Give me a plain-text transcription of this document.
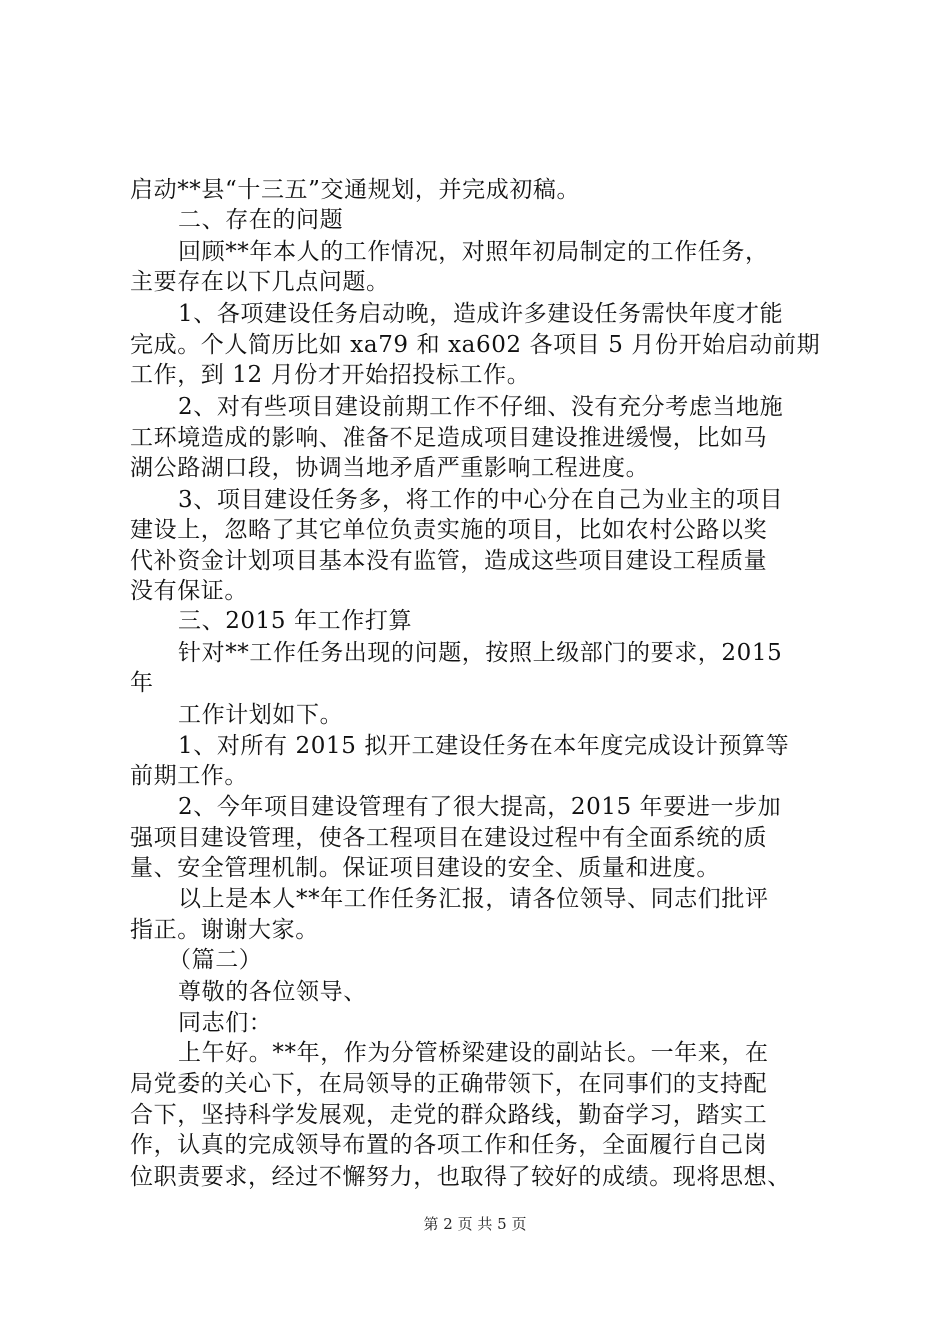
启动**县“十三五”交通规划，并完成初稿。
二、存在的问题
回顾**年本人的工作情况，对照年初局制定的工作任务，
主要存在以下几点问题。
1、各项建设任务启动晚，造成许多建设任务需快年度才能
完成。个人简历比如 xa79 和 xa602 各项目 5 月份开始启动前期
工作，到 12 月份才开始招投标工作。
2、对有些项目建设前期工作不仔细、没有充分考虑当地施
工环境造成的影响、准备不足造成项目建设推进缓慢，比如马
湖公路湖口段，协调当地矛盾严重影响工程进度。
3、项目建设任务多，将工作的中心分在自己为业主的项目
建设上，忽略了其它单位负责实施的项目，比如农村公路以奖
代补资金计划项目基本没有监管，造成这些项目建设工程质量
没有保证。
三、2015 年工作打算
针对**工作任务出现的问题，按照上级部门的要求，2015
年
工作计划如下。
1、对所有 2015 拟开工建设任务在本年度完成设计预算等
前期工作。
2、今年项目建设管理有了很大提高，2015 年要进一步加
强项目建设管理，使各工程项目在建设过程中有全面系统的质
量、安全管理机制。保证项目建设的安全、质量和进度。
以上是本人**年工作任务汇报，请各位领导、同志们批评
指正。谢谢大家。
（篇二）
尊敬的各位领导、
同志们：
上午好。**年，作为分管桥梁建设的副站长。一年来，在
局党委的关心下，在局领导的正确带领下，在同事们的支持配
合下，坚持科学发展观，走党的群众路线，勤奋学习，踏实工
作，认真的完成领导布置的各项工作和任务，全面履行自己岗
位职责要求，经过不懈努力，也取得了较好的成绩。现将思想、
第 2 页 共 5 页
